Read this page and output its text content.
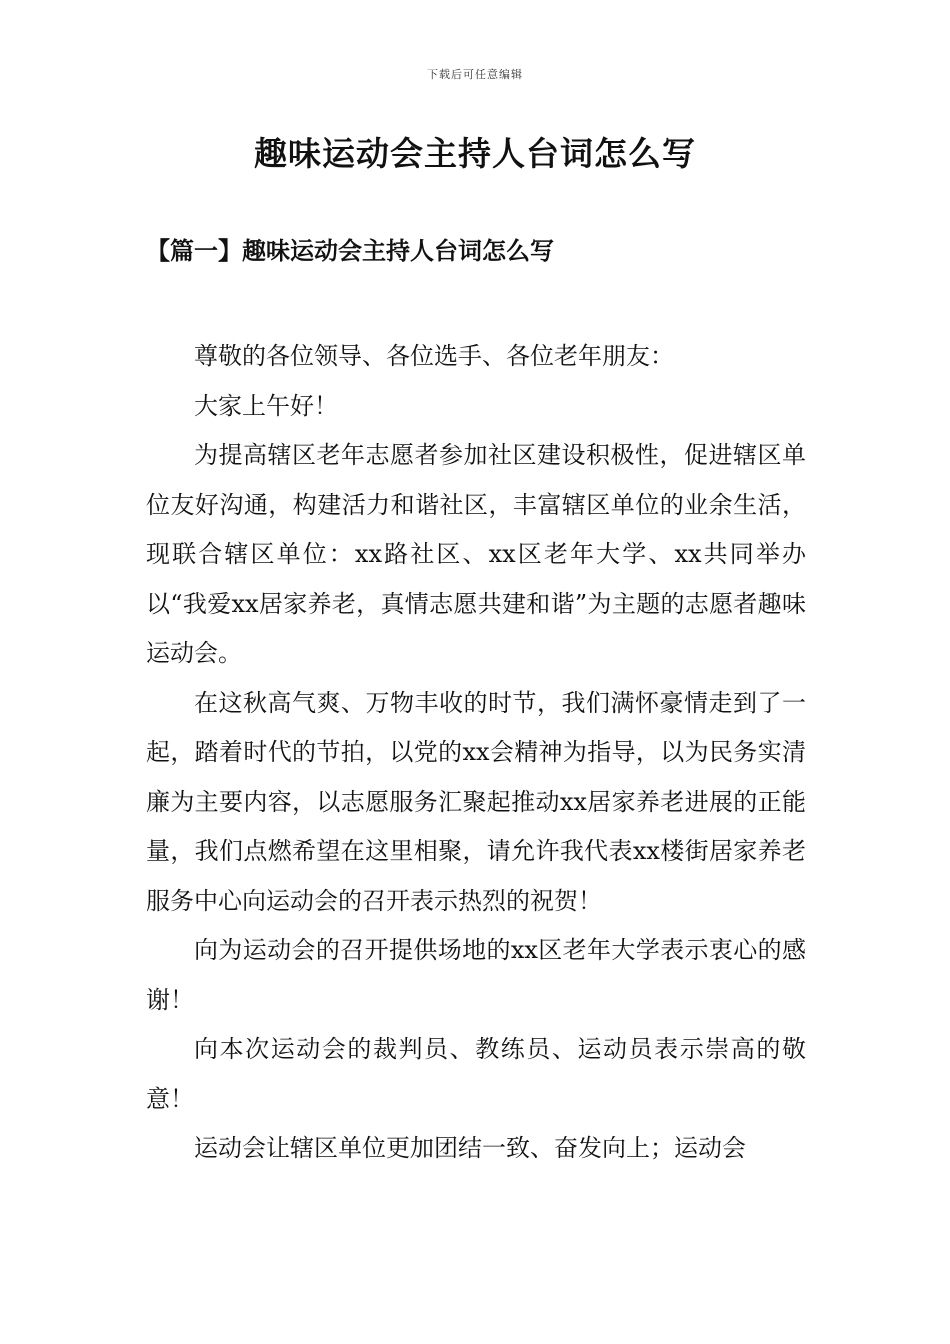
下载后可任意编辑
趣味运动会主持人台词怎么写
【篇一】趣味运动会主持人台词怎么写

尊敬的各位领导、各位选手、各位老年朋友：

大家上午好！

为提高辖区老年志愿者参加社区建设积极性，促进辖区单位友好沟通，构建活力和谐社区，丰富辖区单位的业余生活，现联合辖区单位：xx路社区、xx区老年大学、xx共同举办以“我爱xx居家养老，真情志愿共建和谐”为主题的志愿者趣味运动会。

在这秋高气爽、万物丰收的时节，我们满怀豪情走到了一起，踏着时代的节拍，以党的xx会精神为指导，以为民务实清廉为主要内容，以志愿服务汇聚起推动xx居家养老进展的正能量，我们点燃希望在这里相聚，请允许我代表xx楼街居家养老服务中心向运动会的召开表示热烈的祝贺！

向为运动会的召开提供场地的xx区老年大学表示衷心的感谢！

向本次运动会的裁判员、教练员、运动员表示崇高的敬意！

运动会让辖区单位更加团结一致、奋发向上；运动会
